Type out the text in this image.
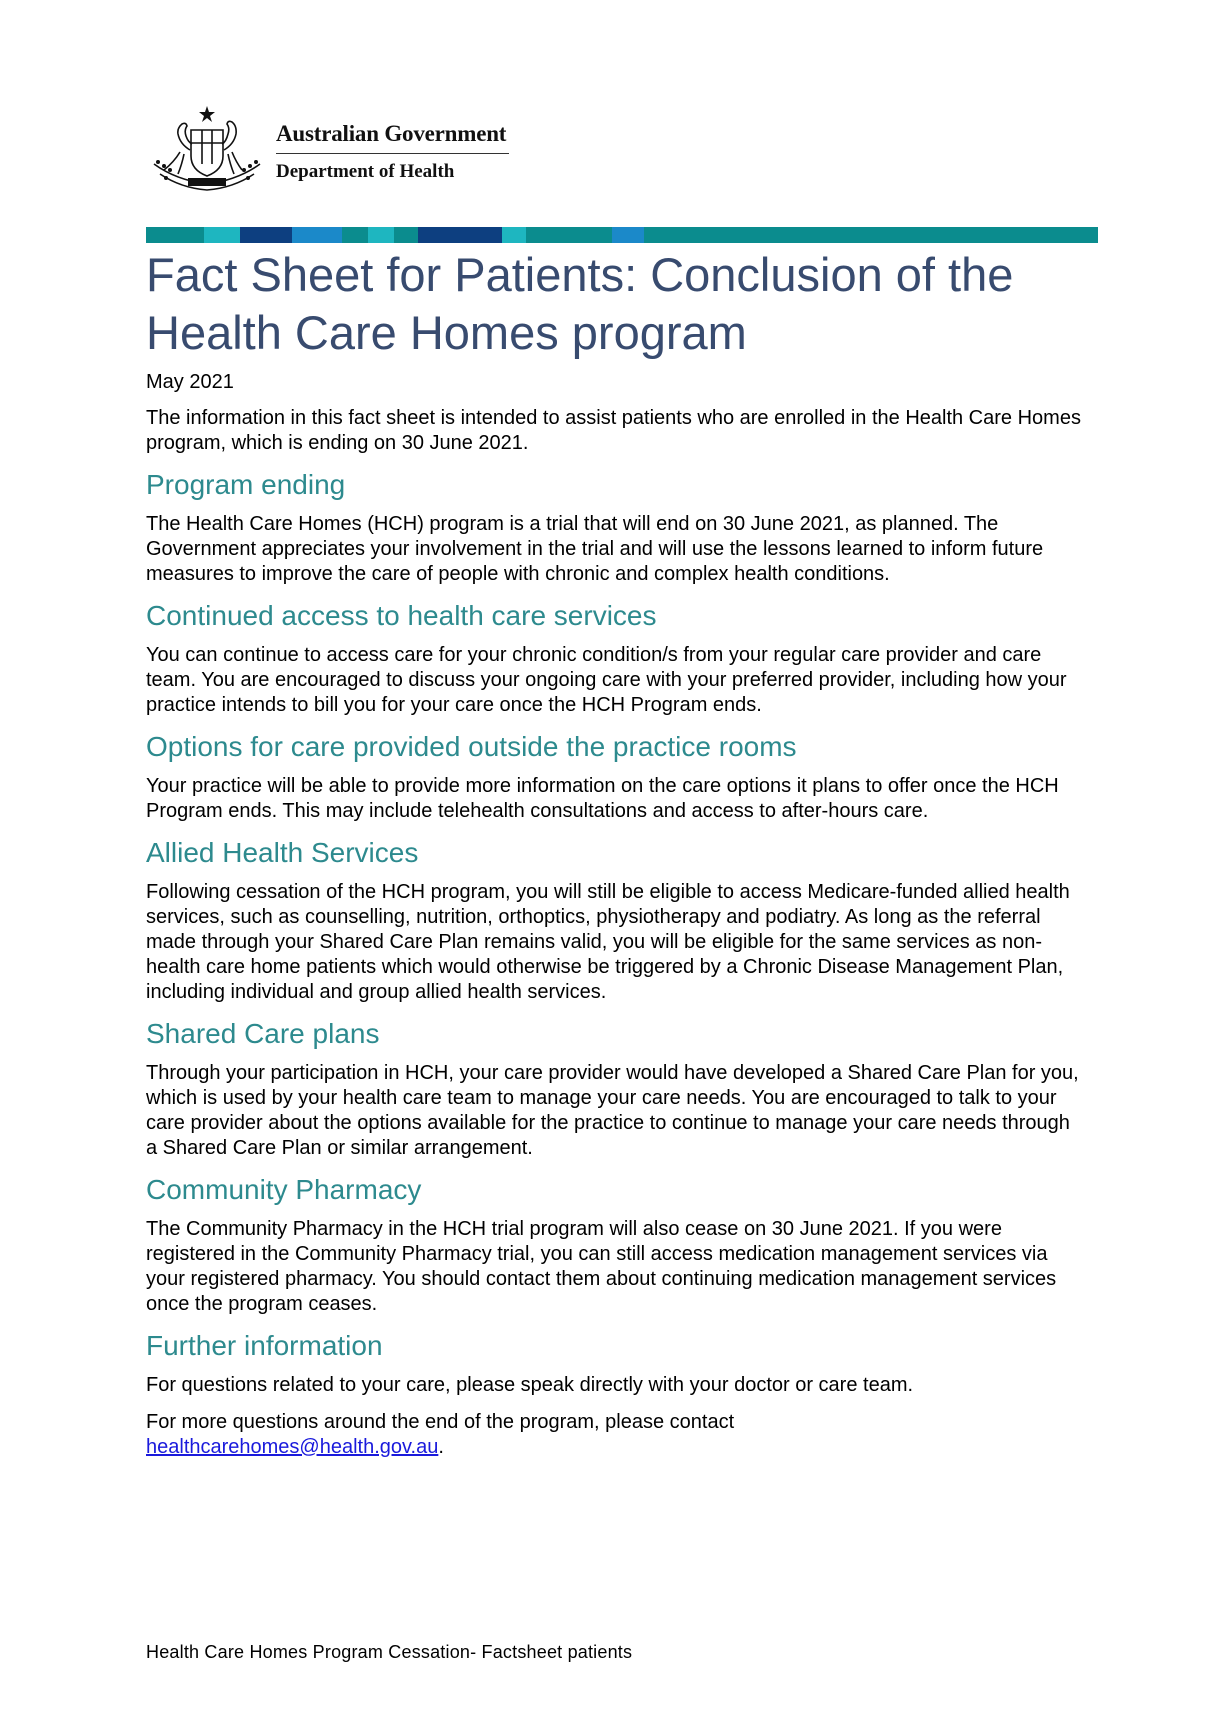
Australian Government
Department of Health
Fact Sheet for Patients: Conclusion of the
Health Care Homes program
May 2021

The information in this fact sheet is intended to assist patients who are enrolled in the Health Care Homes program, which is ending on 30 June 2021.

Program ending

The Health Care Homes (HCH) program is a trial that will end on 30 June 2021, as planned. The Government appreciates your involvement in the trial and will use the lessons learned to inform future measures to improve the care of people with chronic and complex health conditions.

Continued access to health care services

You can continue to access care for your chronic condition/s from your regular care provider and care team. You are encouraged to discuss your ongoing care with your preferred provider, including how your practice intends to bill you for your care once the HCH Program ends.

Options for care provided outside the practice rooms

Your practice will be able to provide more information on the care options it plans to offer once the HCH Program ends. This may include telehealth consultations and access to after-hours care.

Allied Health Services

Following cessation of the HCH program, you will still be eligible to access Medicare-funded allied health services, such as counselling, nutrition, orthoptics, physiotherapy and podiatry. As long as the referral made through your Shared Care Plan remains valid, you will be eligible for the same services as non-health care home patients which would otherwise be triggered by a Chronic Disease Management Plan, including individual and group allied health services.

Shared Care plans

Through your participation in HCH, your care provider would have developed a Shared Care Plan for you, which is used by your health care team to manage your care needs. You are encouraged to talk to your care provider about the options available for the practice to continue to manage your care needs through a Shared Care Plan or similar arrangement.

Community Pharmacy

The Community Pharmacy in the HCH trial program will also cease on 30 June 2021. If you were registered in the Community Pharmacy trial, you can still access medication management services via your registered pharmacy. You should contact them about continuing medication management services once the program ceases.

Further information

For questions related to your care, please speak directly with your doctor or care team.

For more questions around the end of the program, please contact
healthcarehomes@health.gov.au.

Health Care Homes Program Cessation- Factsheet patients
